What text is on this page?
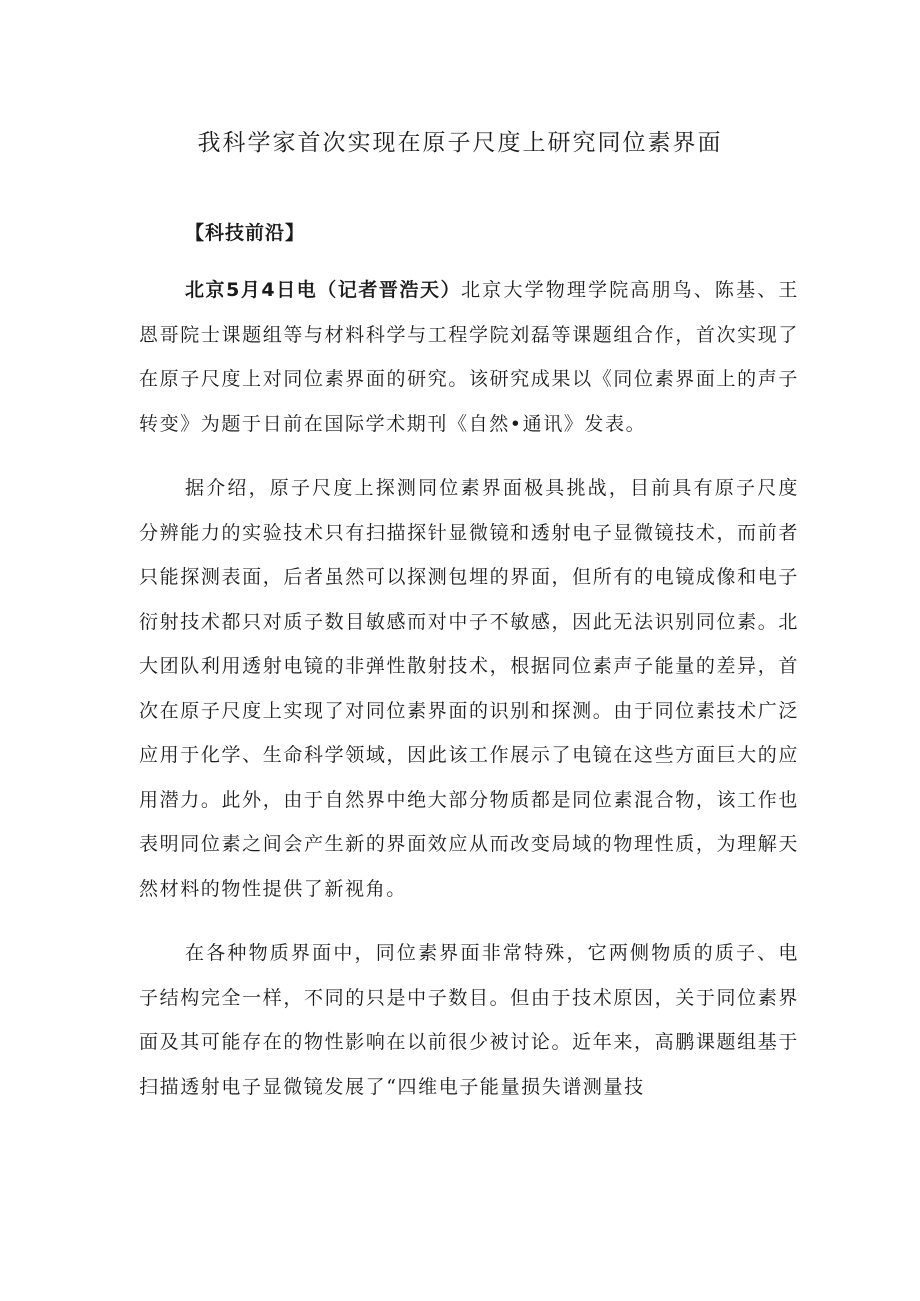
我科学家首次实现在原子尺度上研究同位素界面

【科技前沿】

北京5月4日电（记者晋浩天）北京大学物理学院高朋鸟、陈基、王恩哥院士课题组等与材料科学与工程学院刘磊等课题组合作，首次实现了在原子尺度上对同位素界面的研究。该研究成果以《同位素界面上的声子转变》为题于日前在国际学术期刊《自然•通讯》发表。

据介绍，原子尺度上探测同位素界面极具挑战，目前具有原子尺度分辨能力的实验技术只有扫描探针显微镜和透射电子显微镜技术，而前者只能探测表面，后者虽然可以探测包埋的界面，但所有的电镜成像和电子衍射技术都只对质子数目敏感而对中子不敏感，因此无法识别同位素。北大团队利用透射电镜的非弹性散射技术，根据同位素声子能量的差异，首次在原子尺度上实现了对同位素界面的识别和探测。由于同位素技术广泛应用于化学、生命科学领域，因此该工作展示了电镜在这些方面巨大的应用潜力。此外，由于自然界中绝大部分物质都是同位素混合物，该工作也表明同位素之间会产生新的界面效应从而改变局域的物理性质，为理解天然材料的物性提供了新视角。

在各种物质界面中，同位素界面非常特殊，它两侧物质的质子、电子结构完全一样，不同的只是中子数目。但由于技术原因，关于同位素界面及其可能存在的物性影响在以前很少被讨论。近年来，高鹏课题组基于扫描透射电子显微镜发展了“四维电子能量损失谱测量技
